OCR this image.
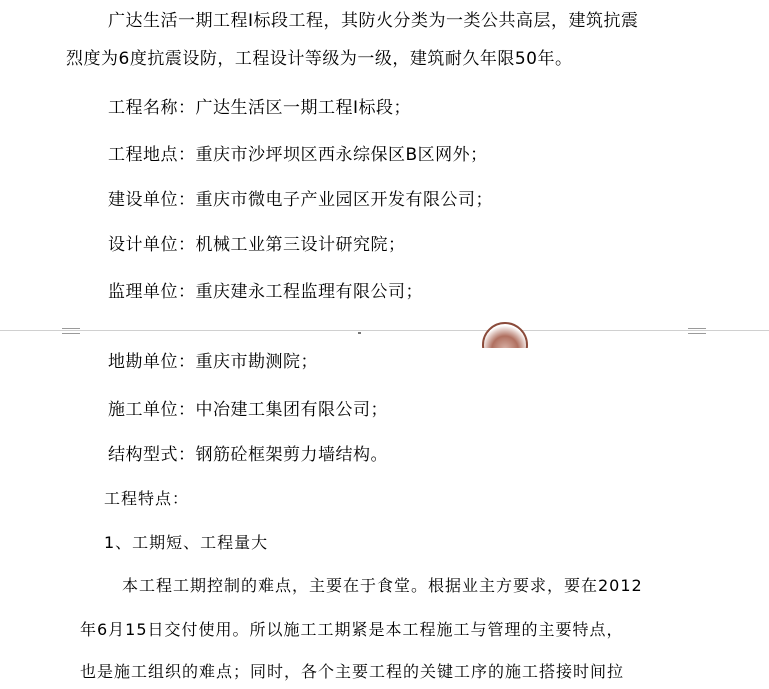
广达生活一期工程Ⅰ标段工程，其防火分类为一类公共高层，建筑抗震
烈度为6度抗震设防，工程设计等级为一级，建筑耐久年限50年。
工程名称：广达生活区一期工程Ⅰ标段；
工程地点：重庆市沙坪坝区西永综保区B区网外；
建设单位：重庆市微电子产业园区开发有限公司；
设计单位：机械工业第三设计研究院；
监理单位：重庆建永工程监理有限公司；
地勘单位：重庆市勘测院；
施工单位：中冶建工集团有限公司；
结构型式：钢筋砼框架剪力墙结构。
工程特点：
1、工期短、工程量大
本工程工期控制的难点，主要在于食堂。根据业主方要求，要在2012
年6月15日交付使用。所以施工工期紧是本工程施工与管理的主要特点，
也是施工组织的难点；同时，各个主要工程的关键工序的施工搭接时间拉
